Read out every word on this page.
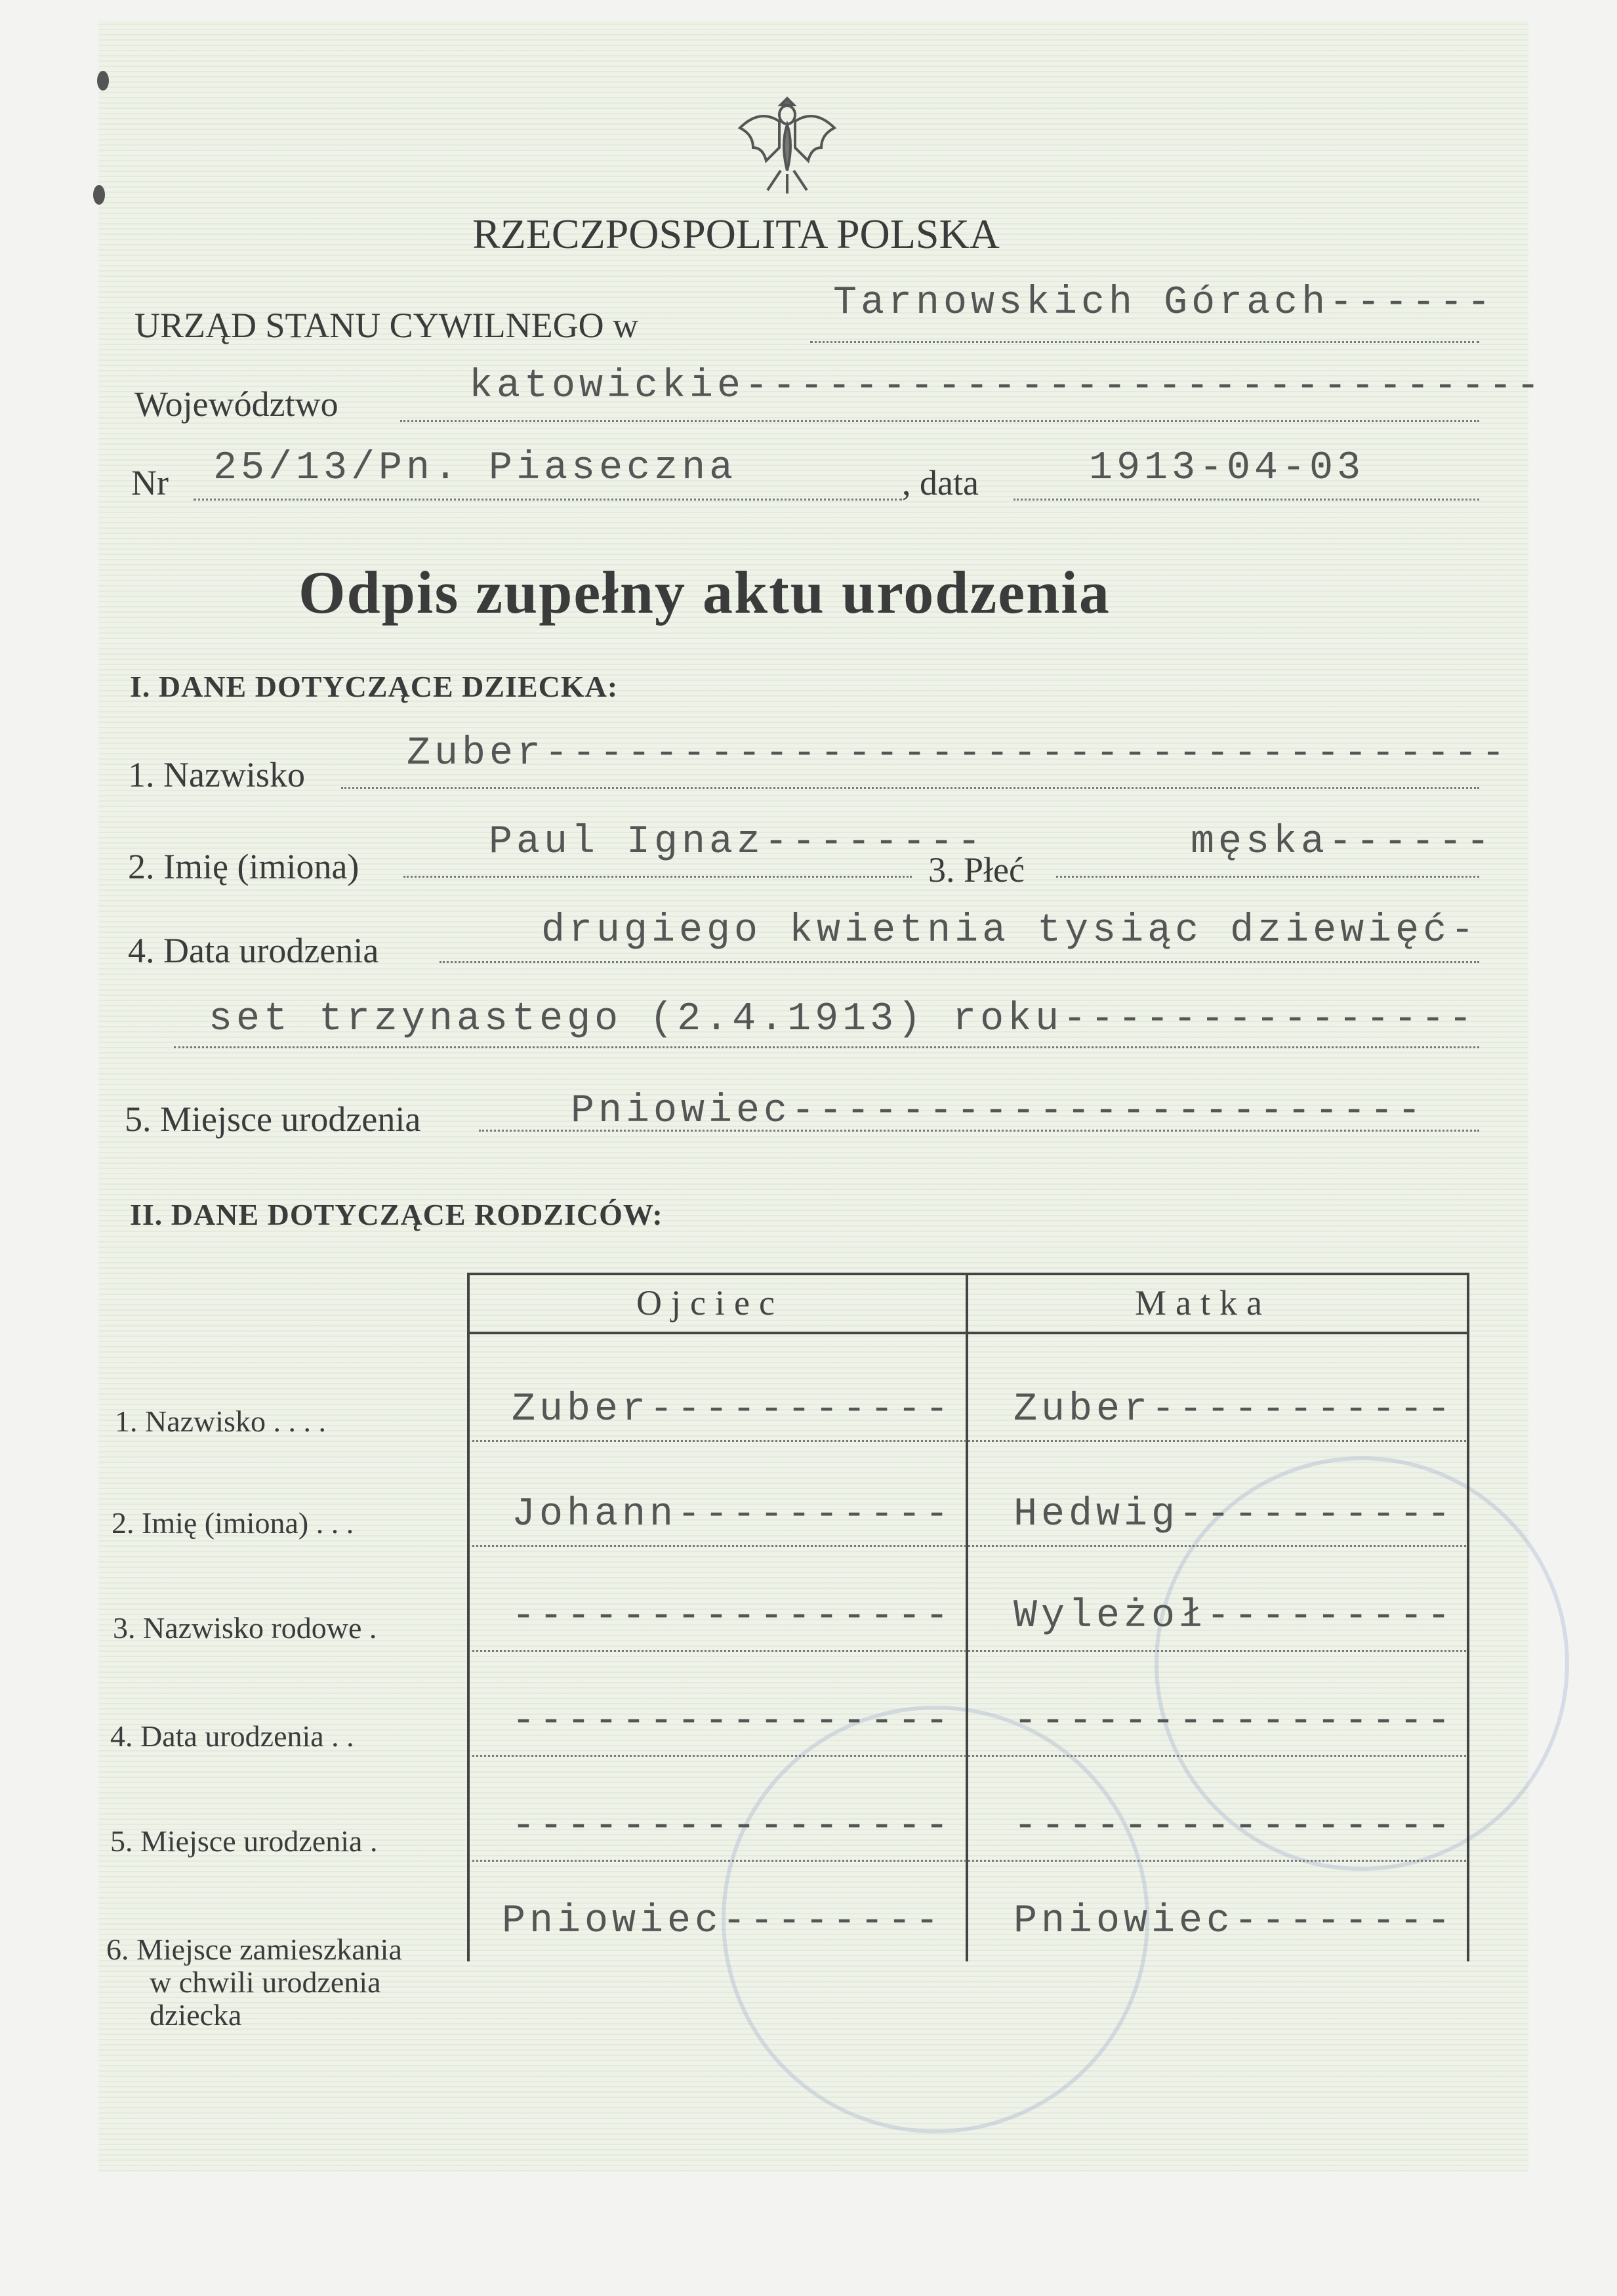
RZECZPOSPOLITA POLSKA
URZĄD STANU CYWILNEGO w	Tarnowskich Górach------
Województwo	katowickie-----------------------------
Nr 25/13/Pn. Piaseczna	, data	1913-04-03
Odpis zupełny aktu urodzenia
I. DANE DOTYCZĄCE DZIECKA:
1. Nazwisko	Zuber-----------------------------------
2. Imię (imiona)
Paul Ignaz--------
3. Płeć
męska------
4. Data urodzenia	drugiego kwietnia tysiąc dziewięć-
set trzynastego (2.4.1913) roku---------------
5. Miejsce urodzenia	Pniowiec-----------------------
II. DANE DOTYCZĄCE RODZICÓW:
Ojciec	Matka
1. Nazwisko . . . .	Zuber----------- Zuber-----------
2. Imię (imiona) . . .	Johann---------- Hedwig----------
3. Nazwisko rodowe .	---------------- Wyleżoł---------
4. Data urodzenia . .	---------------- ----------------
5. Miejsce urodzenia .	---------------- ----------------
6. Miejsce zamieszkania
w chwili urodzenia
dziecka
Pniowiec-------- Pniowiec--------
